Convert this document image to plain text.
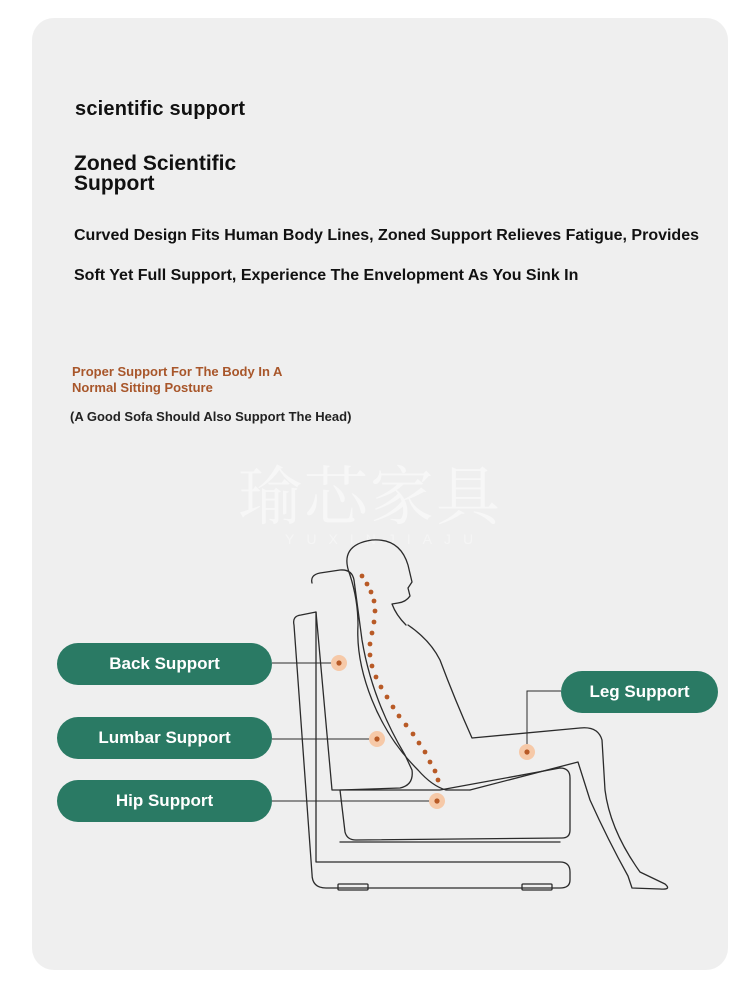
scientific support
Zoned Scientific
Support
Curved Design Fits Human Body Lines, Zoned Support Relieves Fatigue, Provides
Soft Yet Full Support, Experience The Envelopment As You Sink In
Proper Support For The Body In A
Normal Sitting Posture
(A Good Sofa Should Also Support The Head)
瑜芯家具
YUXINJIAJU
Back Support
Lumbar Support
Hip Support
Leg Support
